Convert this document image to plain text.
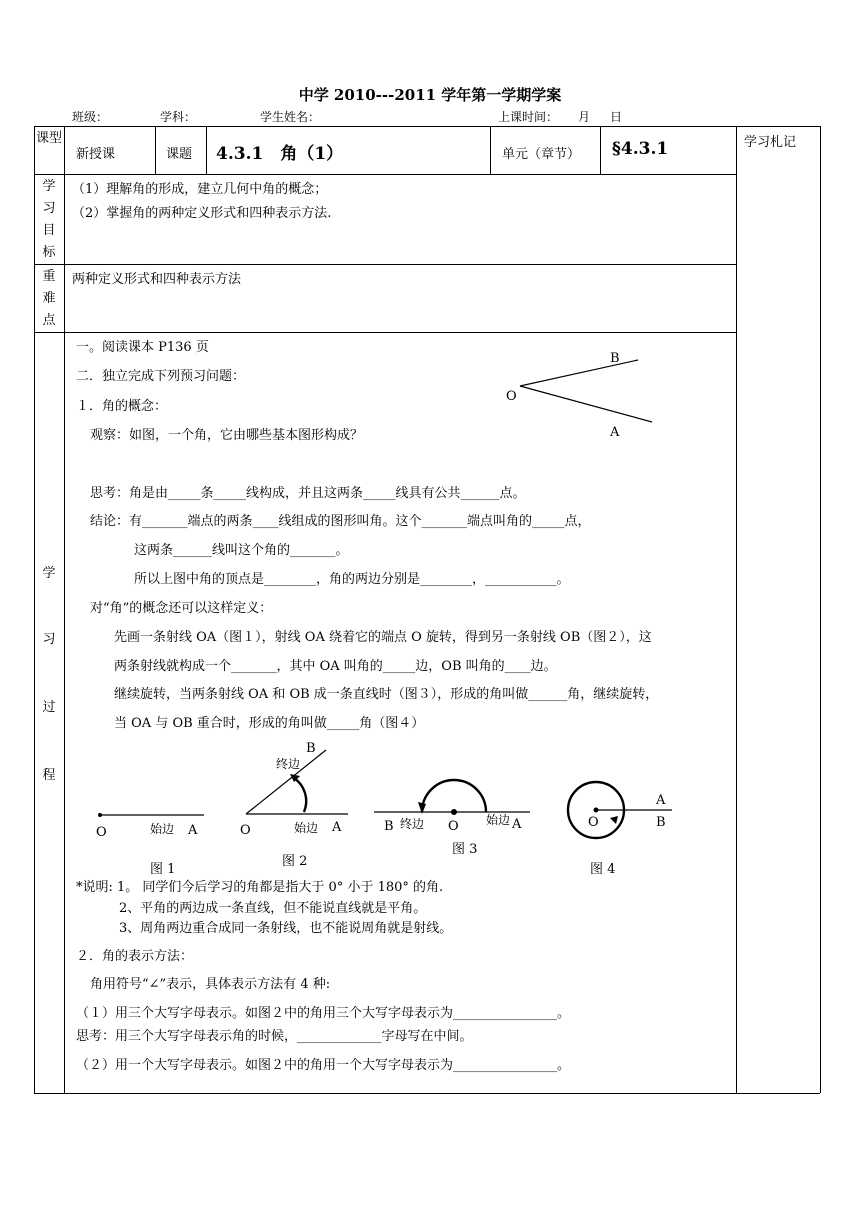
中学 2010---2011 学年第一学期学案
班级：	学科：	学生姓名：	上课时间： 月 日
课型
新授课	课题 4.3.1　角（1）	单元（章节） §4.3.1	学习札记
学
习
目
标
（1）理解角的形成，建立几何中角的概念；
（2）掌握角的两种定义形式和四种表示方法.
重
难
点
两种定义形式和四种表示方法
学
习
过
程
一。阅读课本 P136 页
二．独立完成下列预习问题：
１．角的概念：
观察：如图，一个角，它由哪些基本图形构成？
思考：角是由_____条_____线构成，并且这两条_____线具有公共______点。
结论：有_______端点的两条____线组成的图形叫角。这个_______端点叫角的_____点，
这两条______线叫这个角的_______。
所以上图中角的顶点是________，角的两边分别是________，___________。
对“角”的概念还可以这样定义：
先画一条射线 OA（图１），射线 OA 绕着它的端点 O 旋转，得到另一条射线 OB（图２），这
两条射线就构成一个_______，其中 OA 叫角的_____边，OB 叫角的____边。
继续旋转，当两条射线 OA 和 OB 成一条直线时（图３），形成的角叫做______角，继续旋转，
当 OA 与 OB 重合时，形成的角叫做_____角（图４）
*说明: 1。 同学们今后学习的角都是指大于 0° 小于 180° 的角.
2、平角的两边成一条直线，但不能说直线就是平角。
3、周角两边重合成同一条射线，也不能说周角就是射线。
２．角的表示方法：
角用符号“∠”表示，具体表示方法有 4 种:
（１）用三个大写字母表示。如图２中的角用三个大写字母表示为________________。
思考：用三个大写字母表示角的时候，_____________字母写在中间。
（２）用一个大写字母表示。如图２中的角用一个大写字母表示为________________。
B
O
A
O	始边 A
图 1
B
终边
O	始边 A
图 2
B 终边 O 始边 A
图 3
A
O	B
图 4
